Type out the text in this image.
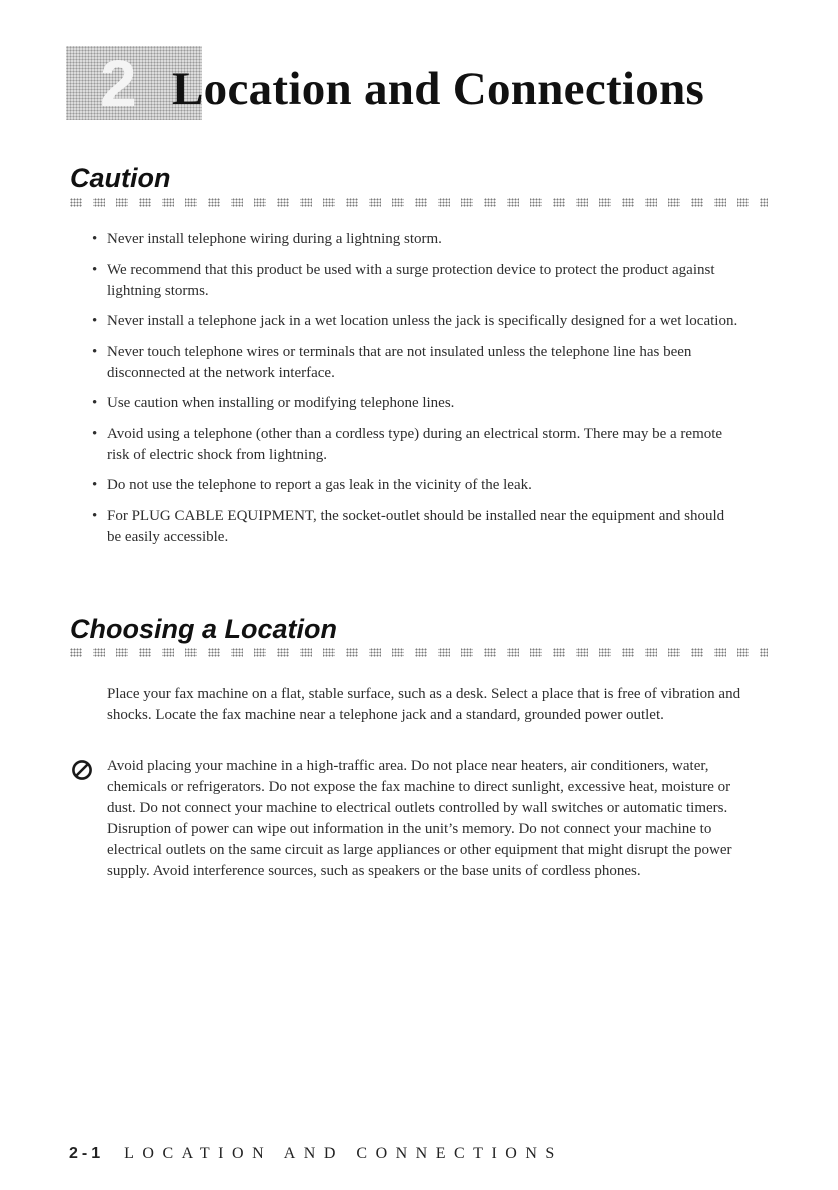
2 Location and Connections
Caution
• Never install telephone wiring during a lightning storm.
• We recommend that this product be used with a surge protection device to protect the product against lightning storms.
• Never install a telephone jack in a wet location unless the jack is specifically designed for a wet location.
• Never touch telephone wires or terminals that are not insulated unless the telephone line has been disconnected at the network interface.
• Use caution when installing or modifying telephone lines.
• Avoid using a telephone (other than a cordless type) during an electrical storm. There may be a remote risk of electric shock from lightning.
• Do not use the telephone to report a gas leak in the vicinity of the leak.
• For PLUG CABLE EQUIPMENT, the socket-outlet should be installed near the equipment and should be easily accessible.
Choosing a Location

Place your fax machine on a flat, stable surface, such as a desk. Select a place that is free of vibration and shocks. Locate the fax machine near a telephone jack and a standard, grounded power outlet.

Avoid placing your machine in a high-traffic area. Do not place near heaters, air conditioners, water, chemicals or refrigerators. Do not expose the fax machine to direct sunlight, excessive heat, moisture or dust. Do not connect your machine to electrical outlets controlled by wall switches or automatic timers. Disruption of power can wipe out information in the unit’s memory. Do not connect your machine to electrical outlets on the same circuit as large appliances or other equipment that might disrupt the power supply. Avoid interference sources, such as speakers or the base units of cordless phones.

2-1 LOCATION AND CONNECTIONS
